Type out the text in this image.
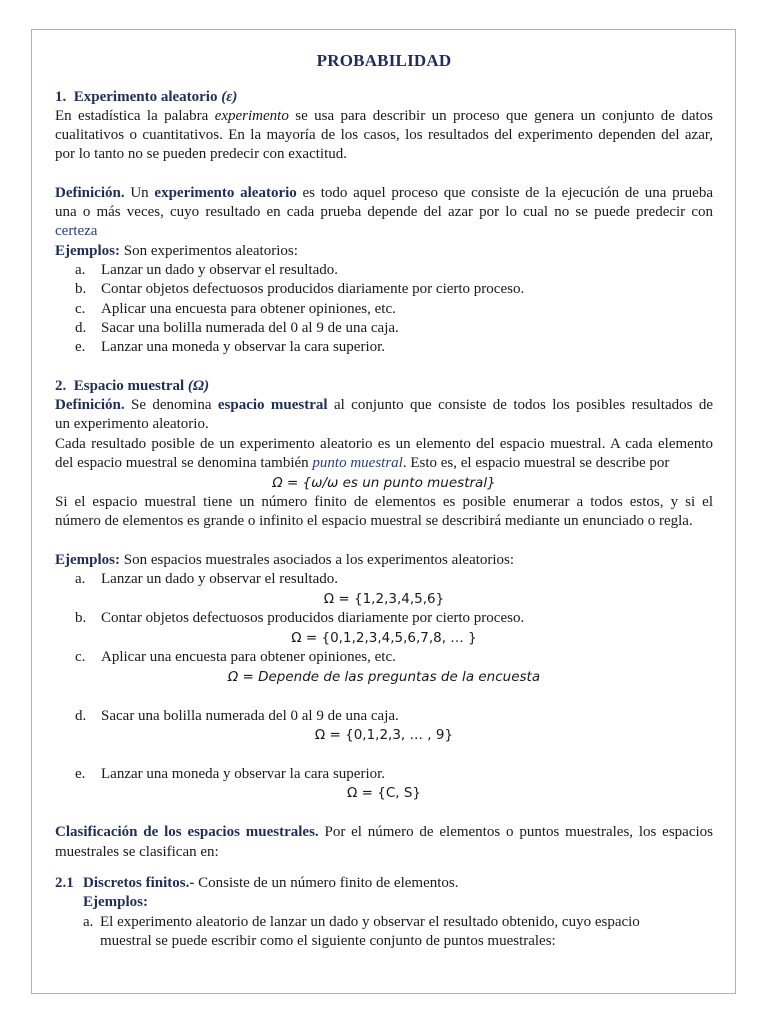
PROBABILIDAD
1. Experimento aleatorio (ε)
En estadística la palabra experimento se usa para describir un proceso que genera un conjunto de datos
cualitativos o cuantitativos. En la mayoría de los casos, los resultados del experimento dependen del azar,
por lo tanto no se pueden predecir con exactitud.
Definición. Un experimento aleatorio es todo aquel proceso que consiste de la ejecución de una prueba
una o más veces, cuyo resultado en cada prueba depende del azar por lo cual no se puede predecir con
certeza
Ejemplos: Son experimentos aleatorios:
a. Lanzar un dado y observar el resultado.
b. Contar objetos defectuosos producidos diariamente por cierto proceso.
c. Aplicar una encuesta para obtener opiniones, etc.
d. Sacar una bolilla numerada del 0 al 9 de una caja.
e. Lanzar una moneda y observar la cara superior.
2. Espacio muestral (Ω)
Definición. Se denomina espacio muestral al conjunto que consiste de todos los posibles resultados de
un experimento aleatorio.
Cada resultado posible de un experimento aleatorio es un elemento del espacio muestral. A cada elemento
del espacio muestral se denomina también punto muestral. Esto es, el espacio muestral se describe por
Ω = {ω/ω es un punto muestral}
Si el espacio muestral tiene un número finito de elementos es posible enumerar a todos estos, y si el
número de elementos es grande o infinito el espacio muestral se describirá mediante un enunciado o regla.
Ejemplos: Son espacios muestrales asociados a los experimentos aleatorios:
a. Lanzar un dado y observar el resultado.
Ω = {1,2,3,4,5,6}
b. Contar objetos defectuosos producidos diariamente por cierto proceso.
Ω = {0,1,2,3,4,5,6,7,8, … }
c. Aplicar una encuesta para obtener opiniones, etc.
Ω = Depende de las preguntas de la encuesta
d. Sacar una bolilla numerada del 0 al 9 de una caja.
Ω = {0,1,2,3, … , 9}
e. Lanzar una moneda y observar la cara superior.
Ω = {C, S}
Clasificación de los espacios muestrales. Por el número de elementos o puntos muestrales, los espacios
muestrales se clasifican en:
2.1 Discretos finitos.- Consiste de un número finito de elementos.
Ejemplos:
a. El experimento aleatorio de lanzar un dado y observar el resultado obtenido, cuyo espacio
muestral se puede escribir como el siguiente conjunto de puntos muestrales:
